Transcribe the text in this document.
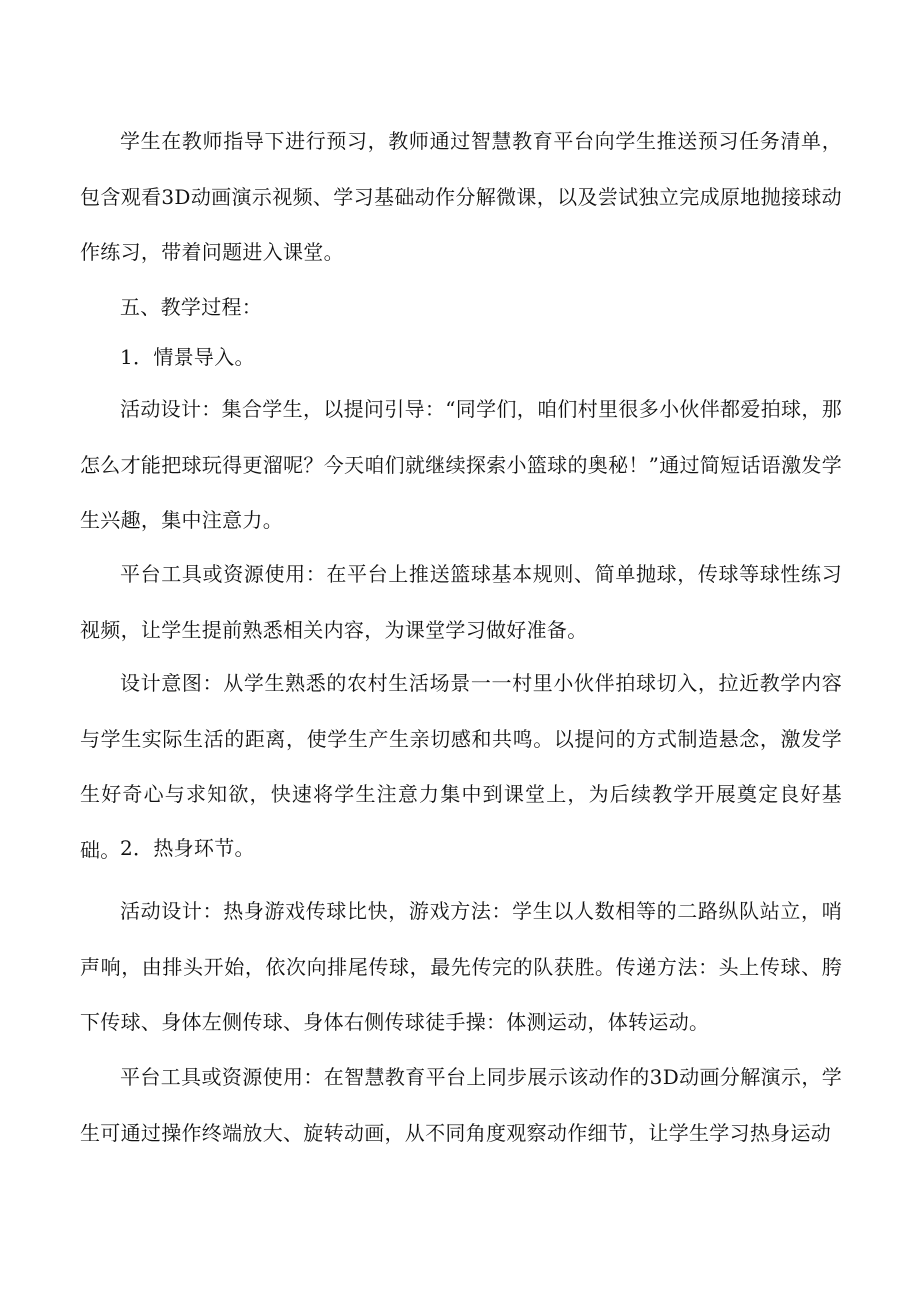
学生在教师指导下进行预习，教师通过智慧教育平台向学生推送预习任务清单，包含观看3D动画演示视频、学习基础动作分解微课，以及尝试独立完成原地抛接球动作练习，带着问题进入课堂。

五、教学过程：

1．情景导入。

活动设计：集合学生，以提问引导：“同学们，咱们村里很多小伙伴都爱拍球，那怎么才能把球玩得更溜呢？今天咱们就继续探索小篮球的奥秘！”通过简短话语激发学生兴趣，集中注意力。

平台工具或资源使用：在平台上推送篮球基本规则、简单抛球，传球等球性练习视频，让学生提前熟悉相关内容，为课堂学习做好准备。

设计意图：从学生熟悉的农村生活场景一一村里小伙伴拍球切入，拉近教学内容与学生实际生活的距离，使学生产生亲切感和共鸣。以提问的方式制造悬念，激发学生好奇心与求知欲，快速将学生注意力集中到课堂上，为后续教学开展奠定良好基础。 2．热身环节。

活动设计：热身游戏传球比快，游戏方法：学生以人数相等的二路纵队站立，哨声响，由排头开始，依次向排尾传球，最先传完的队获胜。传递方法：头上传球、胯下传球、身体左侧传球、身体右侧传球徒手操：体测运动，体转运动。

平台工具或资源使用：在智慧教育平台上同步展示该动作的3D动画分解演示，学生可通过操作终端放大、旋转动画，从不同角度观察动作细节，让学生学习热身运动
